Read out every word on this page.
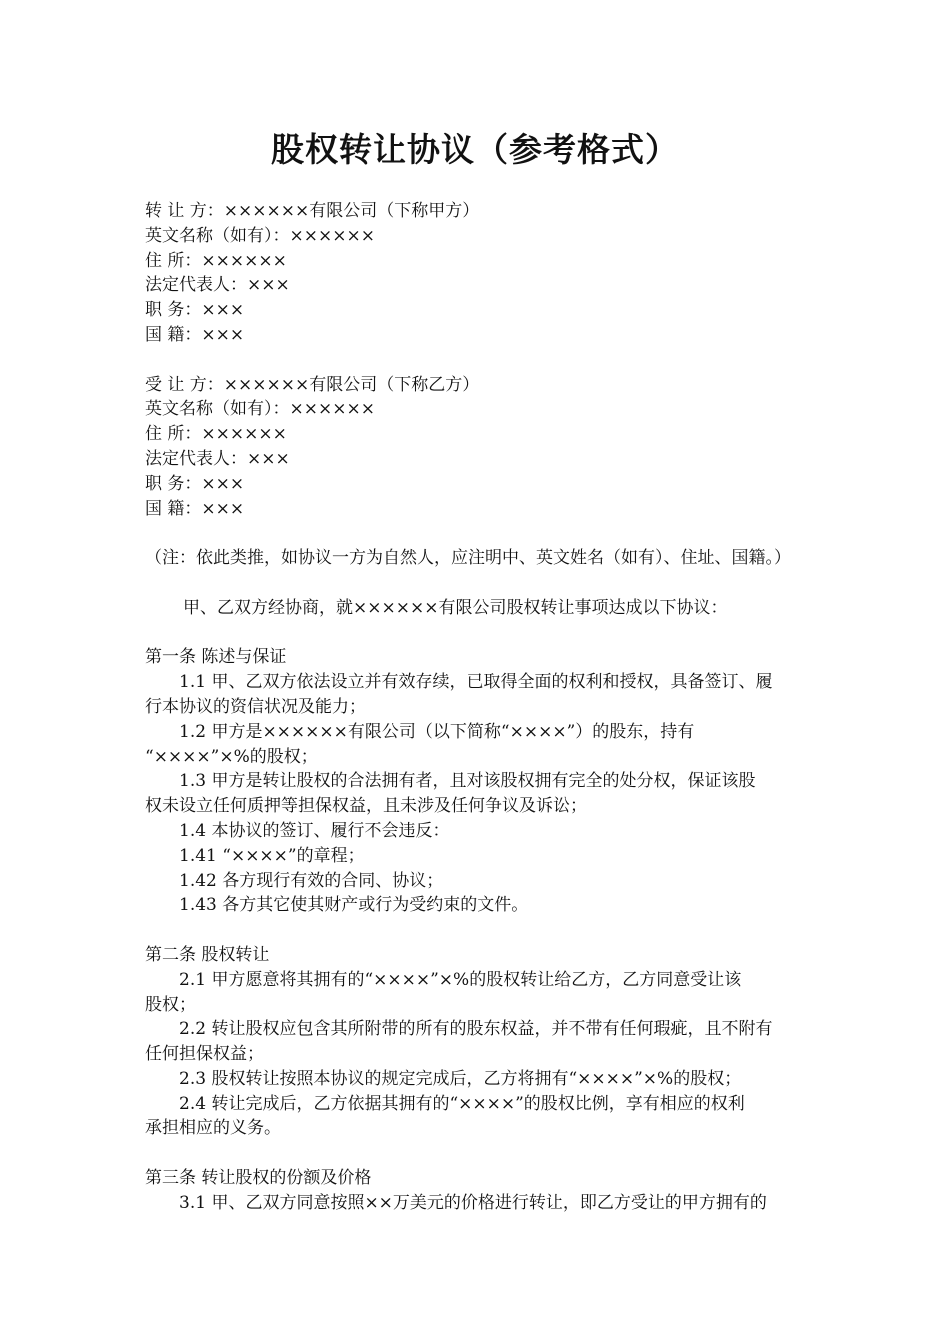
股权转让协议（参考格式）
转 让 方：××××××有限公司（下称甲方）
英文名称（如有）：××××××
住 所：××××××
法定代表人：×××
职 务：×××
国 籍：×××
受 让 方：××××××有限公司（下称乙方）
英文名称（如有）：××××××
住 所：××××××
法定代表人：×××
职 务：×××
国 籍：×××
（注：依此类推，如协议一方为自然人，应注明中、英文姓名（如有）、住址、国籍。）
甲、乙双方经协商，就××××××有限公司股权转让事项达成以下协议：
第一条 陈述与保证
1.1 甲、乙双方依法设立并有效存续，已取得全面的权利和授权，具备签订、履
行本协议的资信状况及能力；
1.2 甲方是××××××有限公司（以下简称“××××”）的股东，持有
“××××”×%的股权；
1.3 甲方是转让股权的合法拥有者，且对该股权拥有完全的处分权，保证该股
权未设立任何质押等担保权益，且未涉及任何争议及诉讼；
1.4 本协议的签订、履行不会违反：
1.41 “××××”的章程；
1.42 各方现行有效的合同、协议；
1.43 各方其它使其财产或行为受约束的文件。
第二条 股权转让
2.1 甲方愿意将其拥有的“××××”×%的股权转让给乙方，乙方同意受让该
股权；
2.2 转让股权应包含其所附带的所有的股东权益，并不带有任何瑕疵，且不附有
任何担保权益；
2.3 股权转让按照本协议的规定完成后，乙方将拥有“××××”×%的股权；
2.4 转让完成后，乙方依据其拥有的“××××”的股权比例，享有相应的权利
承担相应的义务。
第三条 转让股权的份额及价格
3.1 甲、乙双方同意按照××万美元的价格进行转让，即乙方受让的甲方拥有的
